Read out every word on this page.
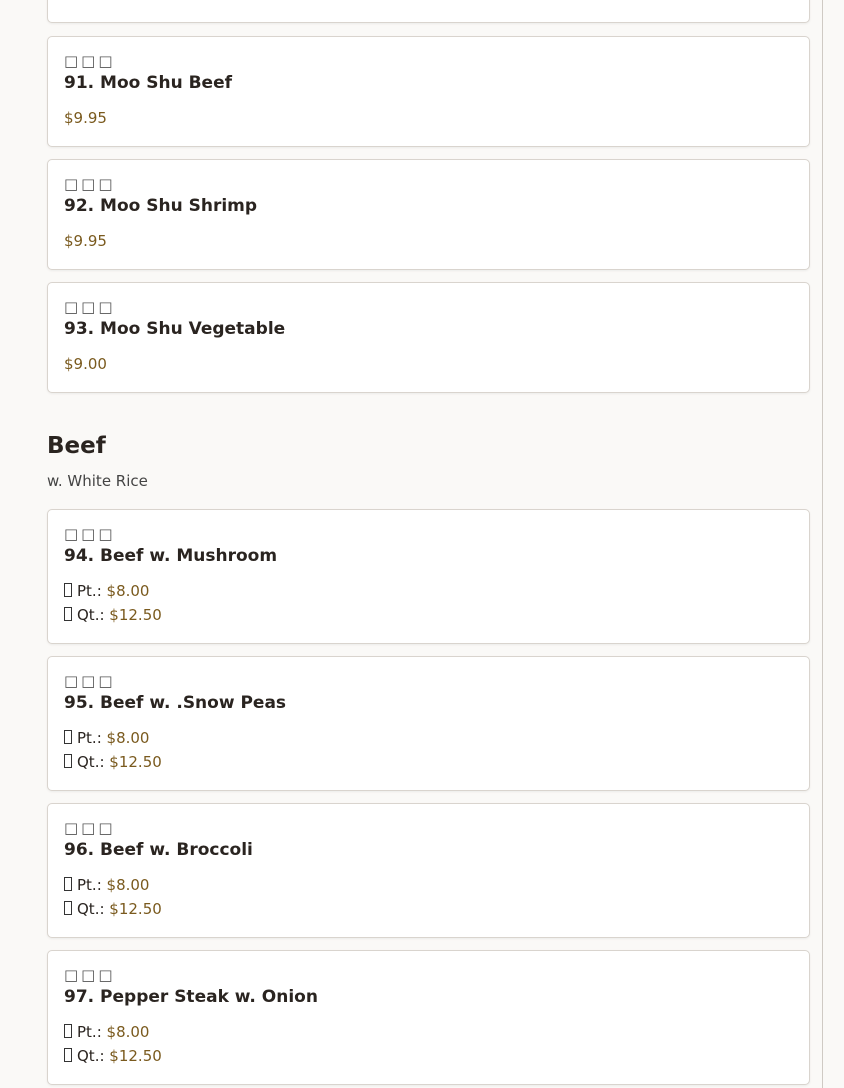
□□□
91. Moo Shu Beef
$9.95
□□□
92. Moo Shu Shrimp
$9.95
□□□
93. Moo Shu Vegetable
$9.00
Beef
w. White Rice
□□□
94. Beef w. Mushroom
Pt.: $8.00
Qt.: $12.50
□□□
95. Beef w. .Snow Peas
Pt.: $8.00
Qt.: $12.50
□□□
96. Beef w. Broccoli
Pt.: $8.00
Qt.: $12.50
□□□
97. Pepper Steak w. Onion
Pt.: $8.00
Qt.: $12.50
